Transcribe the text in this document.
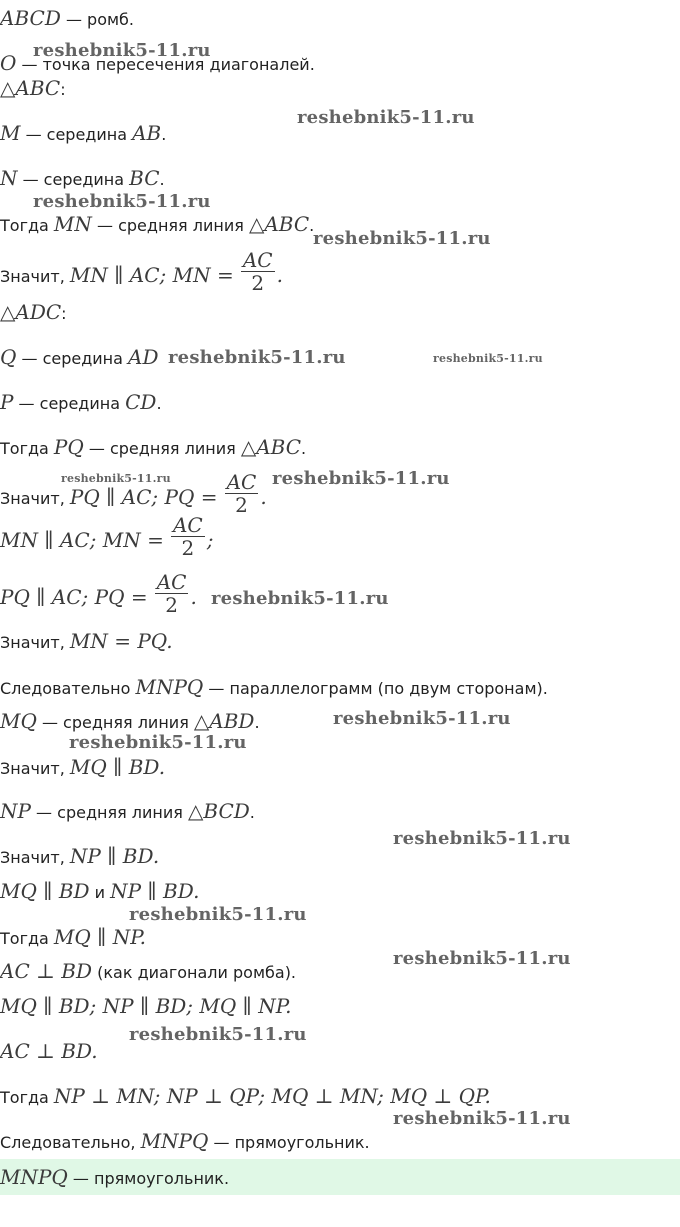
ABCD — ромб.
O — точка пересечения диагоналей.
△ABC:
M — середина AB.
N — середина BC.
Тогда MN — средняя линия △ABC.
Значит, MN ∥ AC; MN = $\frac{AC}{2}$ .
△ADC:
Q — середина AD
P — середина CD.
Тогда PQ — средняя линия △ABC.
Значит, PQ ∥ AC; PQ = $\frac{AC}{2}$ .
MN ∥ AC; MN = $\frac{AC}{2}$ ;
PQ ∥ AC; PQ = $\frac{AC}{2}$ .
Значит, MN = PQ.
Следовательно MNPQ — параллелограмм (по двум сторонам).
MQ — средняя линия △ABD.
Значит, MQ ∥ BD.
NP — средняя линия △BCD.
Значит, NP ∥ BD.
MQ ∥ BD и NP ∥ BD.
Тогда MQ ∥ NP.
AC ⊥ BD (как диагонали ромба).
MQ ∥ BD; NP ∥ BD; MQ ∥ NP.
AC ⊥ BD.
Тогда NP ⊥ MN; NP ⊥ QP; MQ ⊥ MN; MQ ⊥ QP.
Следовательно, MNPQ — прямоугольник.
MNPQ — прямоугольник.
reshebnik5-11.ru
reshebnik5-11.ru
reshebnik5-11.ru
reshebnik5-11.ru
reshebnik5-11.ru	reshebnik5-11.ru
reshebnik5-11.ru	reshebnik5-11.ru
reshebnik5-11.ru
reshebnik5-11.ru
reshebnik5-11.ru
reshebnik5-11.ru
reshebnik5-11.ru
reshebnik5-11.ru
reshebnik5-11.ru
reshebnik5-11.ru
